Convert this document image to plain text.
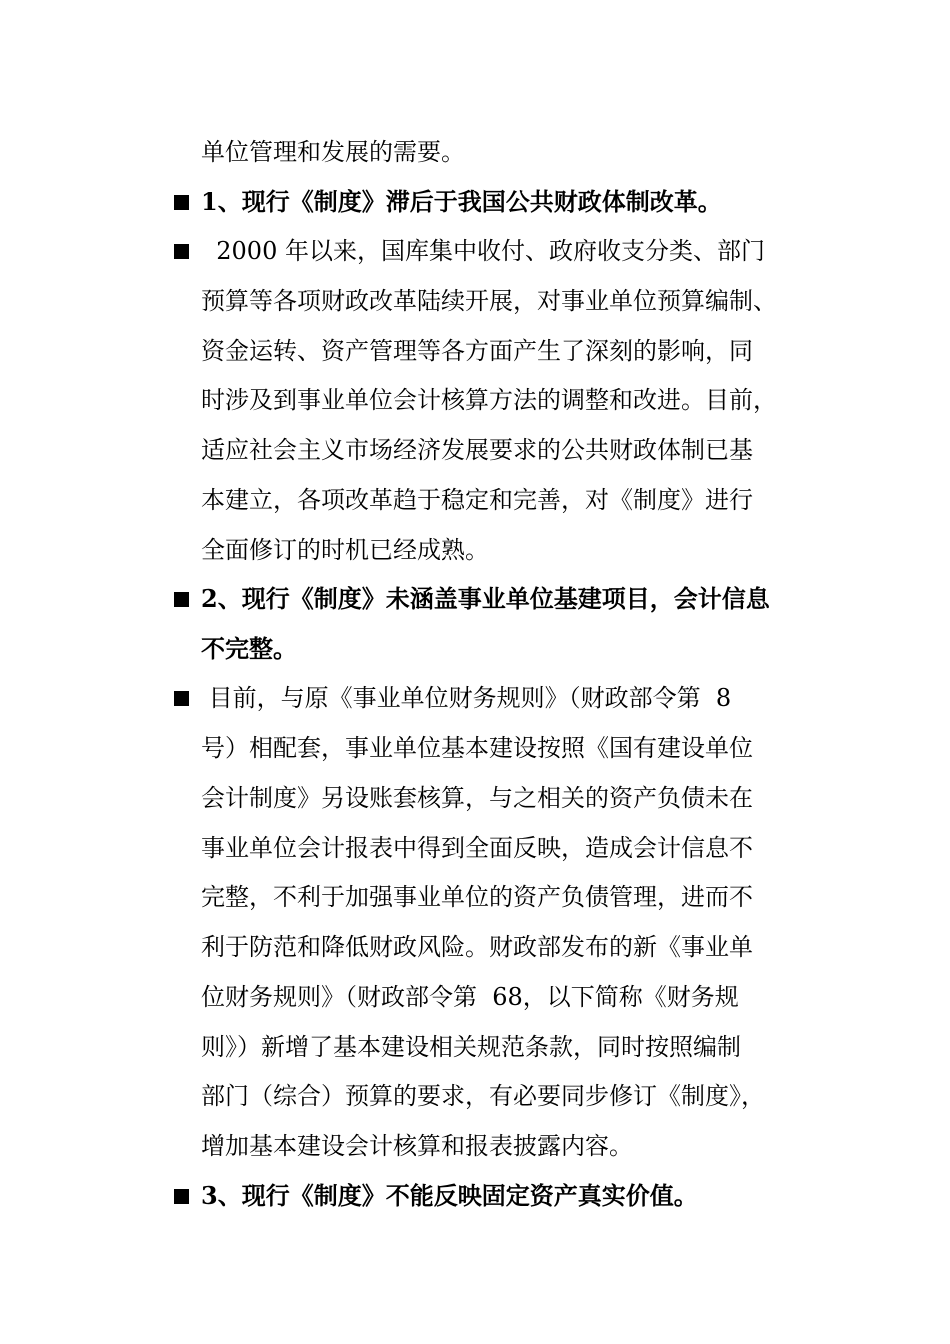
单位管理和发展的需要。
1、现行《制度》滞后于我国公共财政体制改革。
2000 年以来，国库集中收付、政府收支分类、部门
预算等各项财政改革陆续开展，对事业单位预算编制、
资金运转、资产管理等各方面产生了深刻的影响，同
时涉及到事业单位会计核算方法的调整和改进。目前，
适应社会主义市场经济发展要求的公共财政体制已基
本建立，各项改革趋于稳定和完善，对《制度》进行
全面修订的时机已经成熟。
2、现行《制度》未涵盖事业单位基建项目，会计信息
不完整。
目前，与原《事业单位财务规则》（财政部令第  8
号）相配套，事业单位基本建设按照《国有建设单位
会计制度》另设账套核算，与之相关的资产负债未在
事业单位会计报表中得到全面反映，造成会计信息不
完整，不利于加强事业单位的资产负债管理，进而不
利于防范和降低财政风险。财政部发布的新《事业单
位财务规则》（财政部令第  68，以下简称《财务规
则》）新增了基本建设相关规范条款，同时按照编制
部门（综合）预算的要求，有必要同步修订《制度》，
增加基本建设会计核算和报表披露内容。
3、现行《制度》不能反映固定资产真实价值。
